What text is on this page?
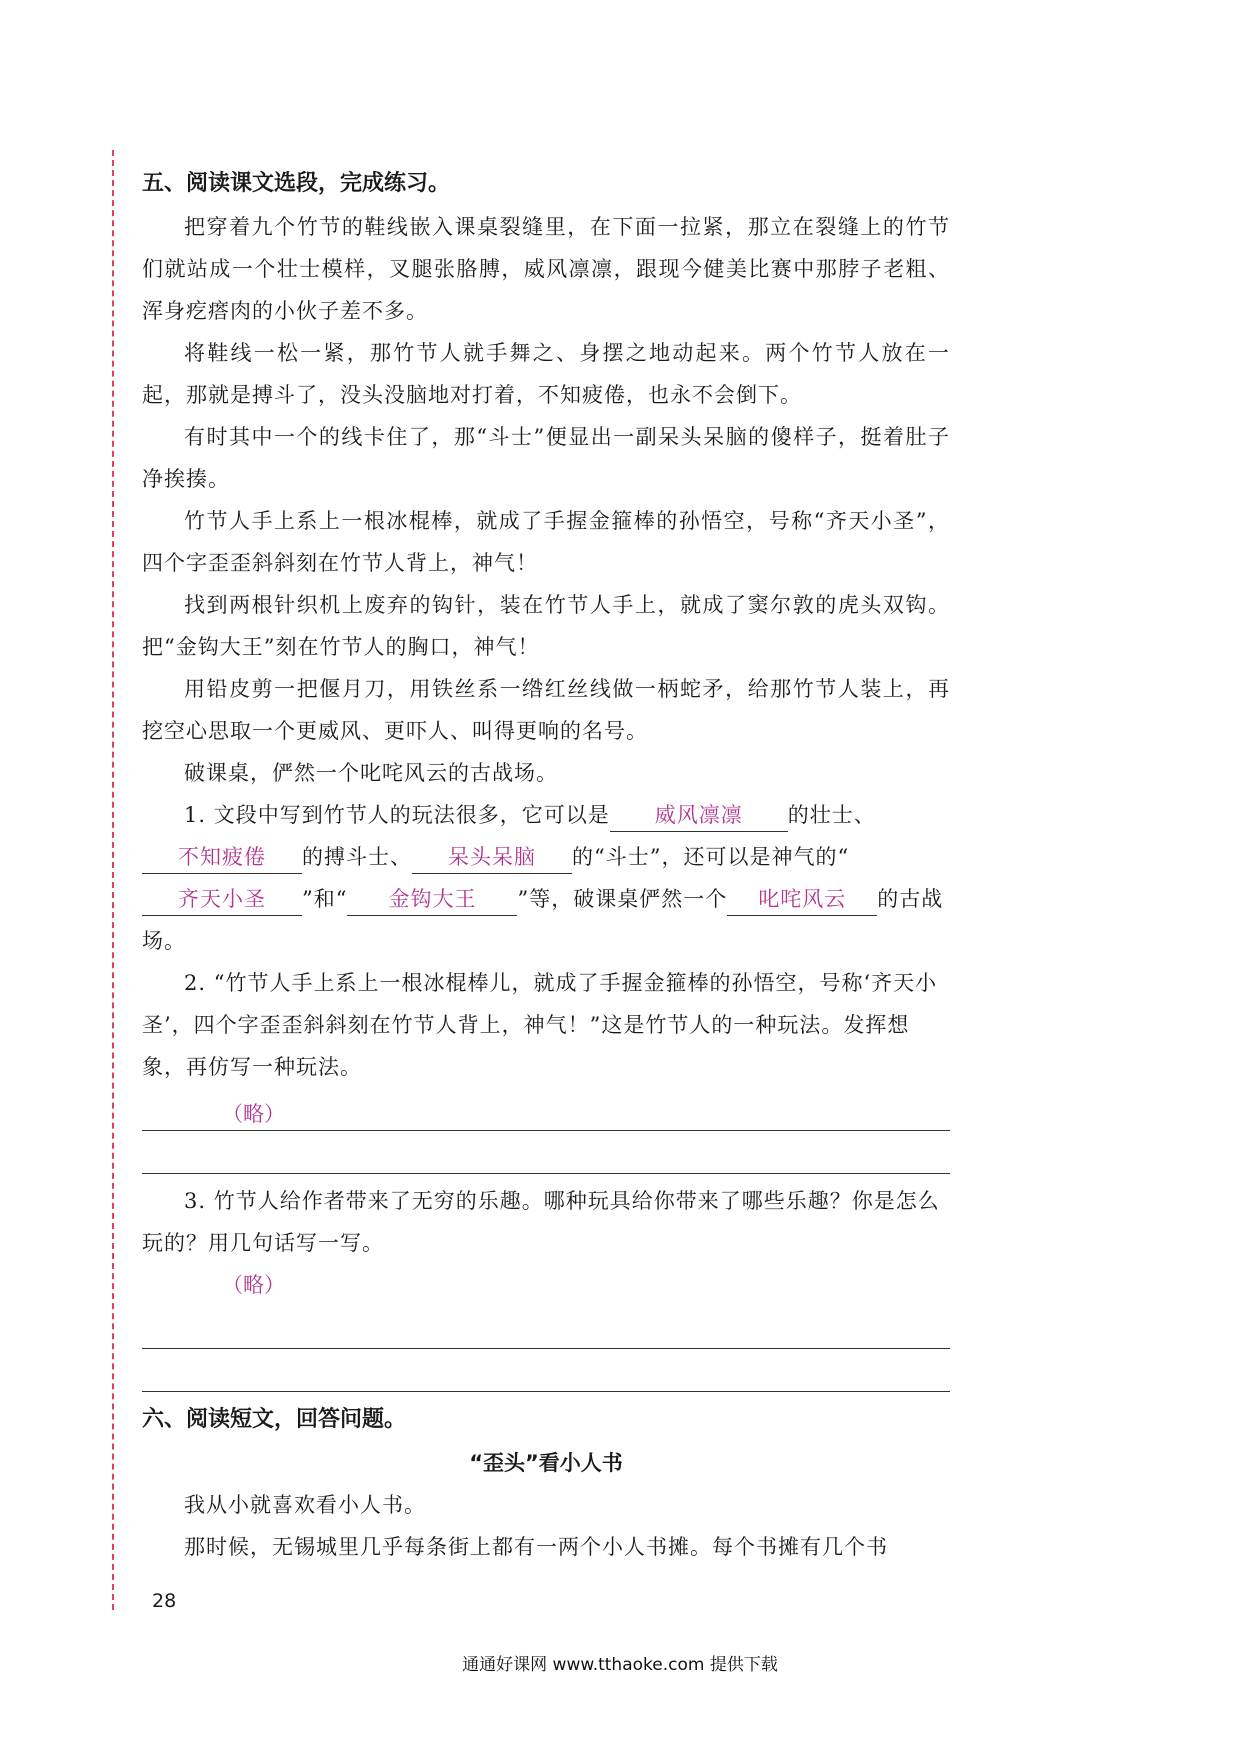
五、阅读课文选段，完成练习。

把穿着九个竹节的鞋线嵌入课桌裂缝里，在下面一拉紧，那立在裂缝上的竹节们就站成一个壮士模样，叉腿张胳膊，威风凛凛，跟现今健美比赛中那脖子老粗、浑身疙瘩肉的小伙子差不多。

将鞋线一松一紧，那竹节人就手舞之、身摆之地动起来。两个竹节人放在一起，那就是搏斗了，没头没脑地对打着，不知疲倦，也永不会倒下。

有时其中一个的线卡住了，那“斗士”便显出一副呆头呆脑的傻样子，挺着肚子净挨揍。

竹节人手上系上一根冰棍棒，就成了手握金箍棒的孙悟空，号称“齐天小圣”，四个字歪歪斜斜刻在竹节人背上，神气！

找到两根针织机上废弃的钩针，装在竹节人手上，就成了窦尔敦的虎头双钩。把“金钩大王”刻在竹节人的胸口，神气！

用铅皮剪一把偃月刀，用铁丝系一绺红丝线做一柄蛇矛，给那竹节人装上，再挖空心思取一个更威风、更吓人、叫得更响的名号。

破课桌，俨然一个叱咤风云的古战场。

1. 文段中写到竹节人的玩法很多，它可以是 威风凛凛 的壮士、不知疲倦 的搏斗士、 呆头呆脑 的“斗士”，还可以是神气的“齐天小圣 ”和“ 金钩大王 ”等，破课桌俨然一个 叱咤风云 的古战场。

2. “竹节人手上系上一根冰棍棒儿，就成了手握金箍棒的孙悟空，号称‘齐天小圣’，四个字歪歪斜斜刻在竹节人背上，神气！”这是竹节人的一种玩法。发挥想象，再仿写一种玩法。

（略）

3. 竹节人给作者带来了无穷的乐趣。哪种玩具给你带来了哪些乐趣？你是怎么玩的？用几句话写一写。

（略）
六、阅读短文，回答问题。
“歪头”看小人书

我从小就喜欢看小人书。

那时候，无锡城里几乎每条街上都有一两个小人书摊。每个书摊有几个书

28
通通好课网 www.tthaoke.com 提供下载
